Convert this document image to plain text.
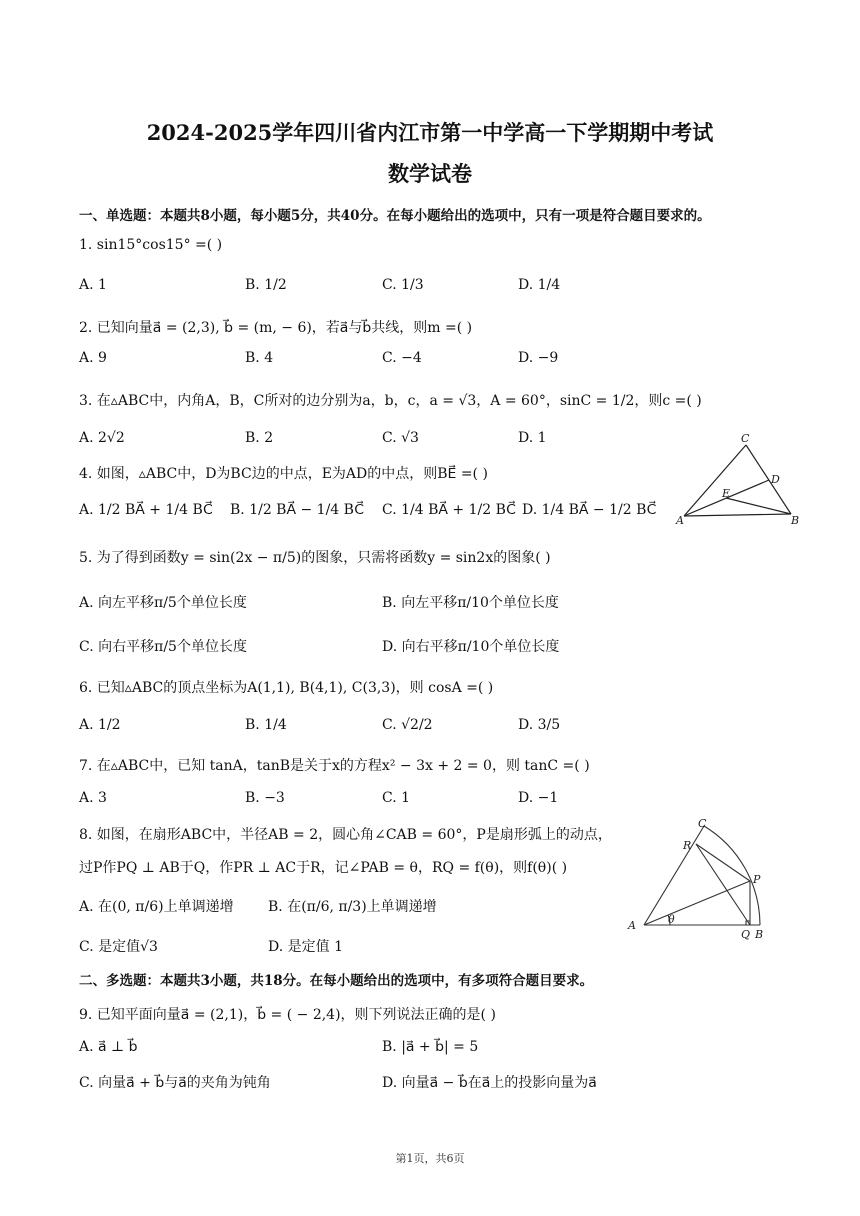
2024-2025学年四川省内江市第一中学高一下学期期中考试
数学试卷
一、单选题：本题共8小题，每小题5分，共40分。在每小题给出的选项中，只有一项是符合题目要求的。
1. sin15°cos15° =( )
A. 1	B. 1/2	C. 1/3	D. 1/4
2. 已知向量a⃗ = (2,3), b⃗ = (m, − 6)，若a⃗与b⃗共线，则m =( )
A. 9	B. 4	C. −4	D. −9
3. 在▵ABC中，内角A，B，C所对的边分别为a，b，c，a = √3，A = 60°，sinC = 1/2，则c =( )
A. 2√2	B. 2	C. √3	D. 1
4. 如图，▵ABC中，D为BC边的中点，E为AD的中点，则BE⃗ =( )
A. 1/2 BA⃗ + 1/4 BC⃗ B. 1/2 BA⃗ − 1/4 BC⃗ C. 1/4 BA⃗ + 1/2 BC⃗ D. 1/4 BA⃗ − 1/2 BC⃗
C
D
E
A	B
5. 为了得到函数y = sin(2x − π/5)的图象，只需将函数y = sin2x的图象( )
A. 向左平移π/5个单位长度	B. 向左平移π/10个单位长度
C. 向右平移π/5个单位长度	D. 向右平移π/10个单位长度
6. 已知▵ABC的顶点坐标为A(1,1), B(4,1), C(3,3)，则 cosA =( )
A. 1/2	B. 1/4	C. √2/2	D. 3/5
7. 在▵ABC中，已知 tanA，tanB是关于x的方程x² − 3x + 2 = 0，则 tanC =( )
A. 3	B. −3	C. 1	D. −1
8. 如图，在扇形ABC中，半径AB = 2，圆心角∠CAB = 60°，P是扇形弧上的动点，
过P作PQ ⊥ AB于Q，作PR ⊥ AC于R，记∠PAB = θ，RQ = f(θ)，则f(θ)( )
A. 在(0, π/6)上单调递增 B. 在(π/6, π/3)上单调递增
C. 是定值√3	D. 是定值 1
C
R
P
A	θ
Q B
二、多选题：本题共3小题，共18分。在每小题给出的选项中，有多项符合题目要求。
9. 已知平面向量a⃗ = (2,1)，b⃗ = ( − 2,4)，则下列说法正确的是( )
A. a⃗ ⊥ b⃗	B. |a⃗ + b⃗| = 5
C. 向量a⃗ + b⃗与a⃗的夹角为钝角	D. 向量a⃗ − b⃗在a⃗上的投影向量为a⃗
第1页，共6页
